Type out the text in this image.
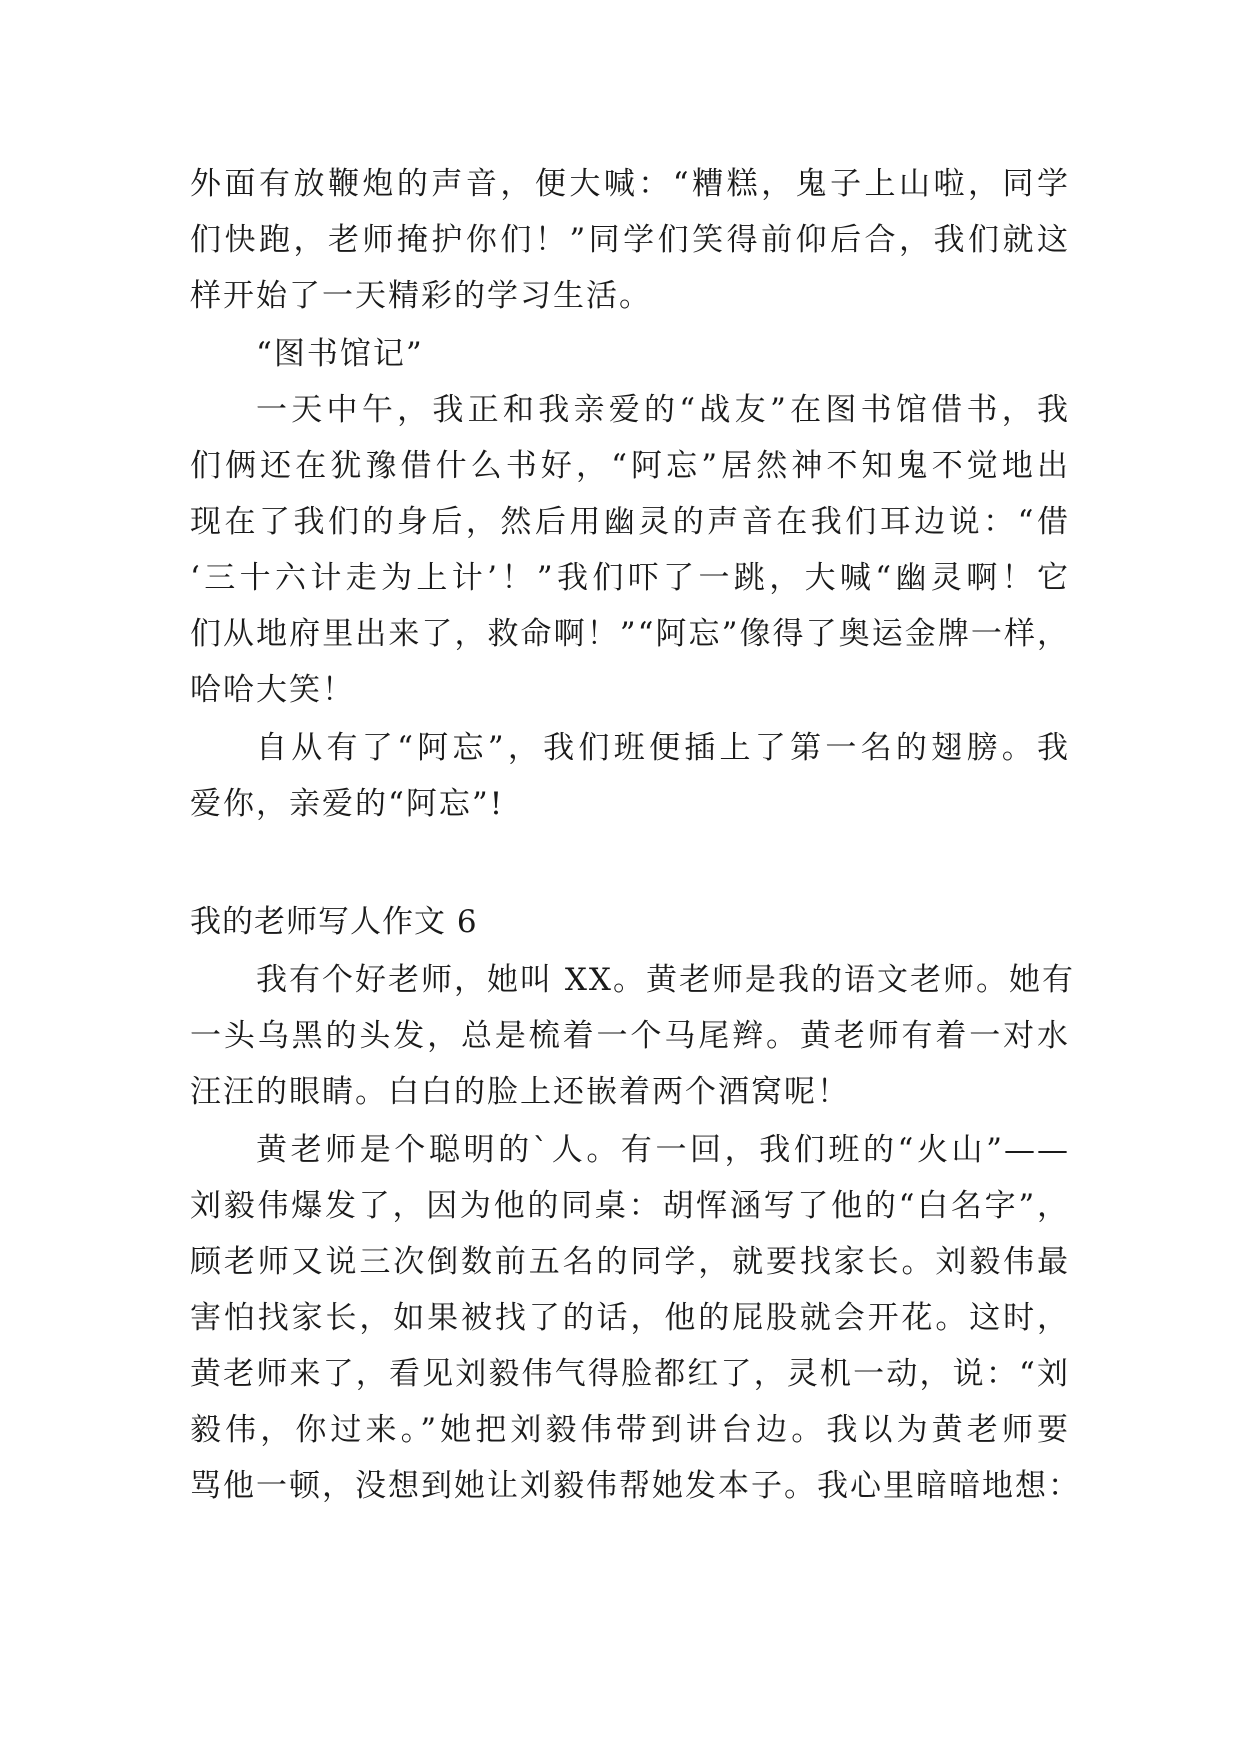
外面有放鞭炮的声音，便大喊：“糟糕，鬼子上山啦，同学
们快跑，老师掩护你们！”同学们笑得前仰后合，我们就这
样开始了一天精彩的学习生活。
“图书馆记”
一天中午，我正和我亲爱的“战友”在图书馆借书，我
们俩还在犹豫借什么书好，“阿忘”居然神不知鬼不觉地出
现在了我们的身后，然后用幽灵的声音在我们耳边说：“借
‘三十六计走为上计’！”我们吓了一跳，大喊“幽灵啊！它
们从地府里出来了，救命啊！”“阿忘”像得了奥运金牌一样，
哈哈大笑！
自从有了“阿忘”，我们班便插上了第一名的翅膀。我
爱你，亲爱的“阿忘”!
我的老师写人作文 6
我有个好老师，她叫 XX。黄老师是我的语文老师。她有
一头乌黑的头发，总是梳着一个马尾辫。黄老师有着一对水
汪汪的眼睛。白白的脸上还嵌着两个酒窝呢！
黄老师是个聪明的`人。有一回，我们班的“火山”——
刘毅伟爆发了，因为他的同桌：胡恽涵写了他的“白名字”，
顾老师又说三次倒数前五名的同学，就要找家长。刘毅伟最
害怕找家长，如果被找了的话，他的屁股就会开花。这时，
黄老师来了，看见刘毅伟气得脸都红了，灵机一动，说：“刘
毅伟，你过来。”她把刘毅伟带到讲台边。我以为黄老师要
骂他一顿，没想到她让刘毅伟帮她发本子。我心里暗暗地想：
